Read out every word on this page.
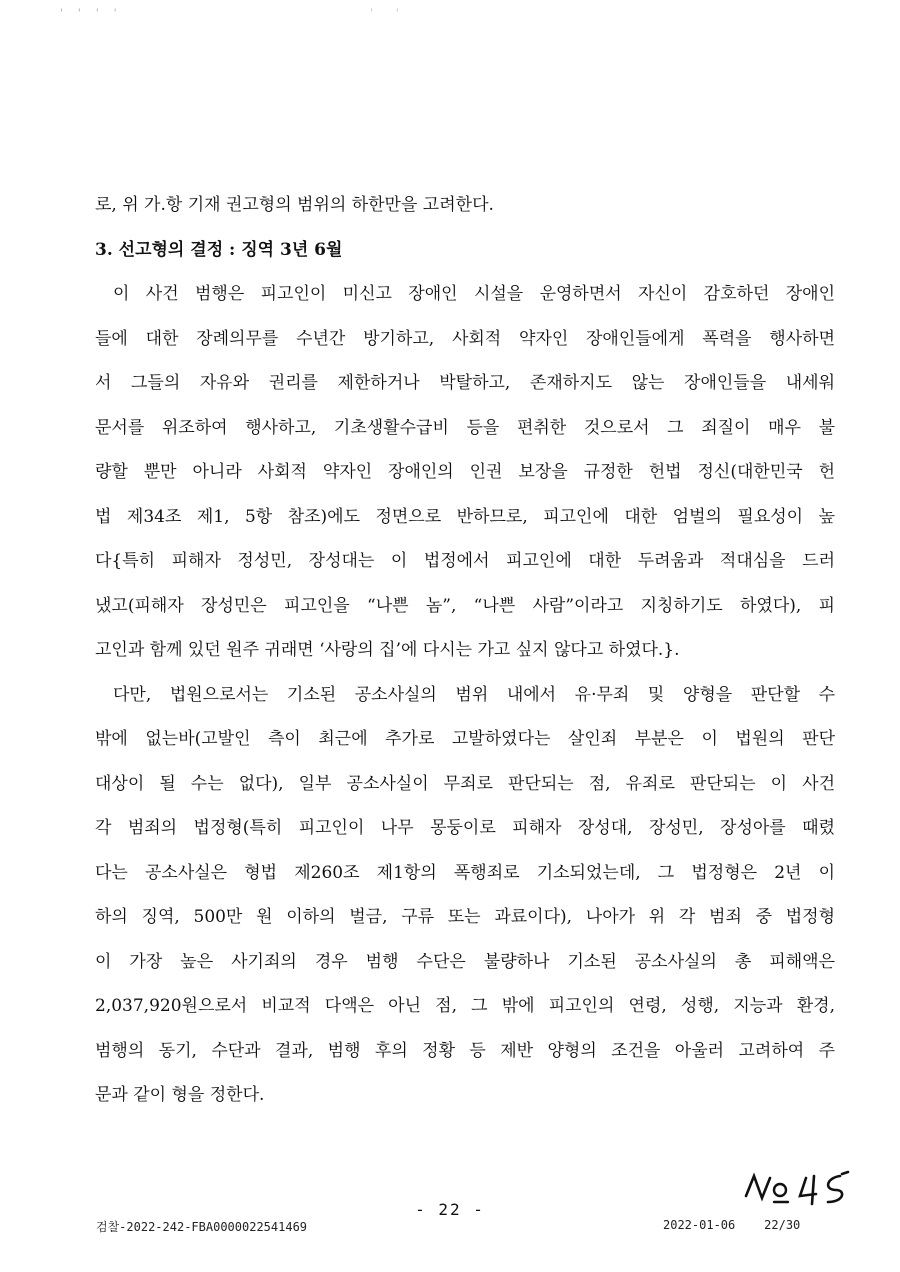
' ' ' '	' '

로, 위 가.항 기재 권고형의 범위의 하한만을 고려한다.

3. 선고형의 결정 : 징역 3년 6월

이 사건 범행은 피고인이 미신고 장애인 시설을 운영하면서 자신이 감호하던 장애인

들에 대한 장례의무를 수년간 방기하고, 사회적 약자인 장애인들에게 폭력을 행사하면

서 그들의 자유와 권리를 제한하거나 박탈하고, 존재하지도 않는 장애인들을 내세워

문서를 위조하여 행사하고, 기초생활수급비 등을 편취한 것으로서 그 죄질이 매우 불

량할 뿐만 아니라 사회적 약자인 장애인의 인권 보장을 규정한 헌법 정신(대한민국 헌

법 제34조 제1, 5항 참조)에도 정면으로 반하므로, 피고인에 대한 엄벌의 필요성이 높

다{특히 피해자 정성민, 장성대는 이 법정에서 피고인에 대한 두려움과 적대심을 드러

냈고(피해자 장성민은 피고인을 “나쁜 놈”, “나쁜 사람”이라고 지칭하기도 하였다), 피

고인과 함께 있던 원주 귀래면 ‘사랑의 집’에 다시는 가고 싶지 않다고 하였다.}.

다만, 법원으로서는 기소된 공소사실의 범위 내에서 유·무죄 및 양형을 판단할 수

밖에 없는바(고발인 측이 최근에 추가로 고발하였다는 살인죄 부분은 이 법원의 판단

대상이 될 수는 없다), 일부 공소사실이 무죄로 판단되는 점, 유죄로 판단되는 이 사건

각 범죄의 법정형(특히 피고인이 나무 몽둥이로 피해자 장성대, 장성민, 장성아를 때렸

다는 공소사실은 형법 제260조 제1항의 폭행죄로 기소되었는데, 그 법정형은 2년 이

하의 징역, 500만 원 이하의 벌금, 구류 또는 과료이다), 나아가 위 각 범죄 중 법정형

이 가장 높은 사기죄의 경우 범행 수단은 불량하나 기소된 공소사실의 총 피해액은

2,037,920원으로서 비교적 다액은 아닌 점, 그 밖에 피고인의 연령, 성행, 지능과 환경,

범행의 동기, 수단과 결과, 범행 후의 정황 등 제반 양형의 조건을 아울러 고려하여 주

문과 같이 형을 정한다.

- 22 -
검찰-2022-242-FBA0000022541469	2022-01-06 22/30
